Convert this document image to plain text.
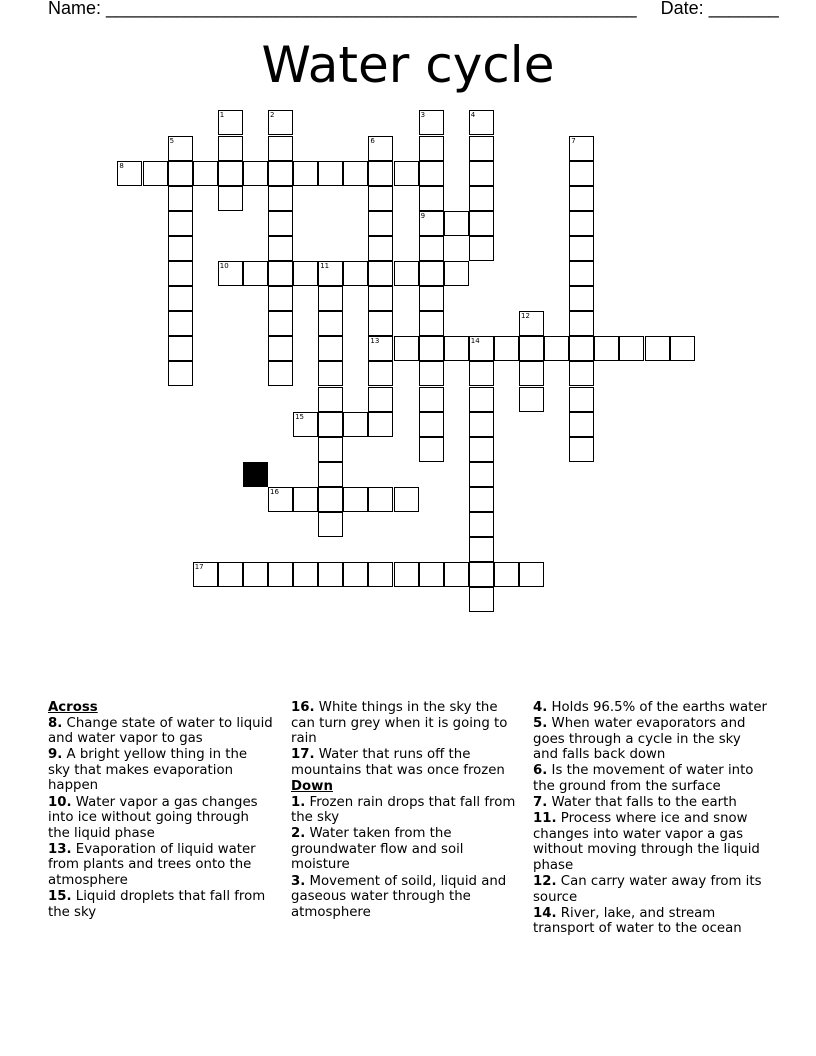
Name: _____________________________________________________ Date: _______
Water cycle
1	2	3
9
4
5	6
13
7
8
10	11
12
14
15
16
17
Across
8. Change state of water to liquid and water vapor to gas
9. A bright yellow thing in the sky that makes evaporation happen
10. Water vapor a gas changes into ice without going through the liquid phase
13. Evaporation of liquid water from plants and trees onto the atmosphere
15. Liquid droplets that fall from the sky
16. White things in the sky the can turn grey when it is going to rain
17. Water that runs off the mountains that was once frozen
Down
1. Frozen rain drops that fall from the sky
2. Water taken from the groundwater flow and soil moisture
3. Movement of soild, liquid and gaseous water through the atmosphere
4. Holds 96.5% of the earths water
5. When water evaporators and goes through a cycle in the sky and falls back down
6. Is the movement of water into the ground from the surface
7. Water that falls to the earth
11. Process where ice and snow changes into water vapor a gas without moving through the liquid phase
12. Can carry water away from its source
14. River, lake, and stream transport of water to the ocean
